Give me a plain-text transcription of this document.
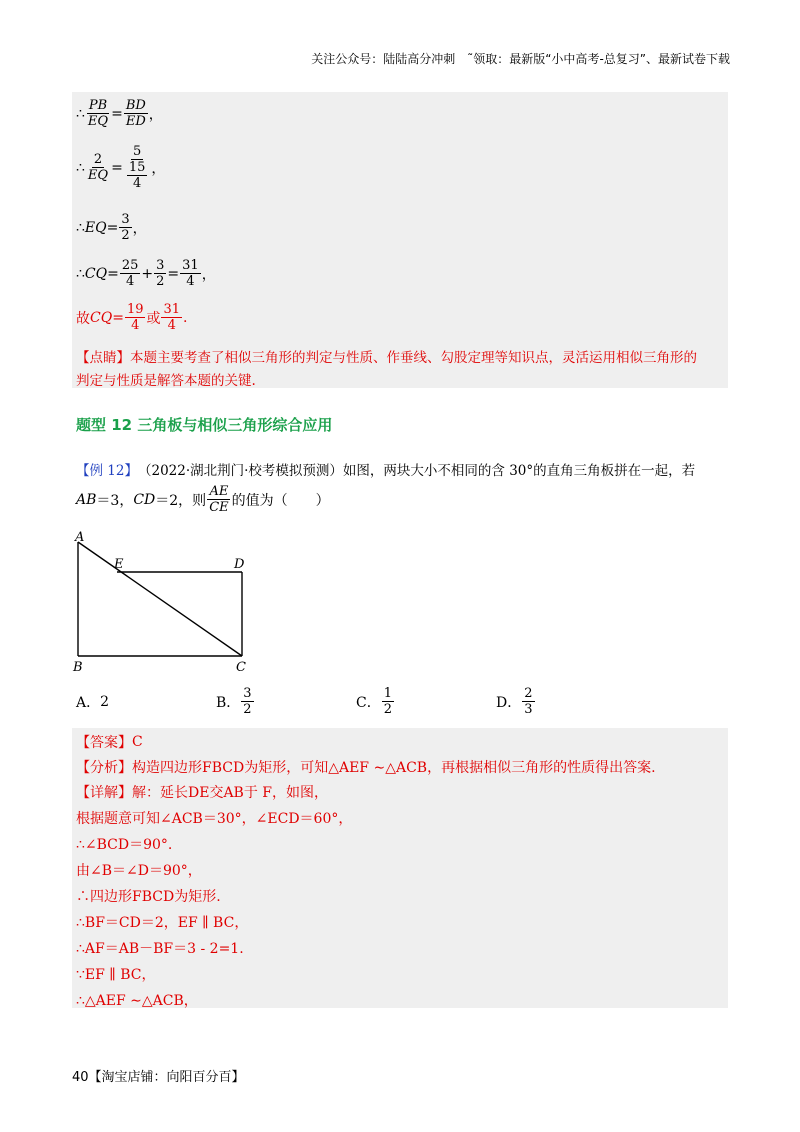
关注公众号：陆陆高分冲刺　˜领取：最新版“小中高考-总复习”、最新试卷下载
∴ $\frac{PB}{EQ} = \frac{BD}{ED}$ ，
∴ $\frac{2}{EQ} = \frac{5}{\frac{15}{4}}$ ，
∴ EQ = $\frac{3}{2}$ ，
∴ CQ = $\frac{25}{4} + \frac{3}{2} = \frac{31}{4}$ ，
故 CQ = $\frac{19}{4}$ 或 $\frac{31}{4}$ .
【点睛】 本题主要考查了相似三角形的判定与性质、作垂线、勾股定理等知识点，灵活运用相似三角形的
判定与性质是解答本题的关键.
题型 12 三角板与相似三角形综合应用
【例 12】 （2022·湖北荆门·校考模拟预测）如图，两块大小不相同的含 30°的直角三角板拼在一起，若
AB ＝3， CD ＝2，则 $\frac{AE}{CE}$ 的值为（　　）
A
E	D
B	C
A． 2	B． $\frac{3}{2}$	C． $\frac{1}{2}$	D． $\frac{2}{3}$
【答案】 C
【分析】 构造四边形FBCD为矩形，可知△AEF ∼△ACB，再根据相似三角形的性质得出答案.
【详解】 解：延长DE交AB于 F，如图，
根据题意可知∠ACB＝30°，∠ECD＝60°，
∴∠BCD＝90°.
由∠B＝∠D＝90°，
∴四边形FBCD为矩形.
∴BF＝CD＝2，EF ∥ BC，
∴AF＝AB－BF＝3 - 2=1.
∵EF ∥ BC，
∴△AEF ∼△ACB，
40【淘宝店铺：向阳百分百】
